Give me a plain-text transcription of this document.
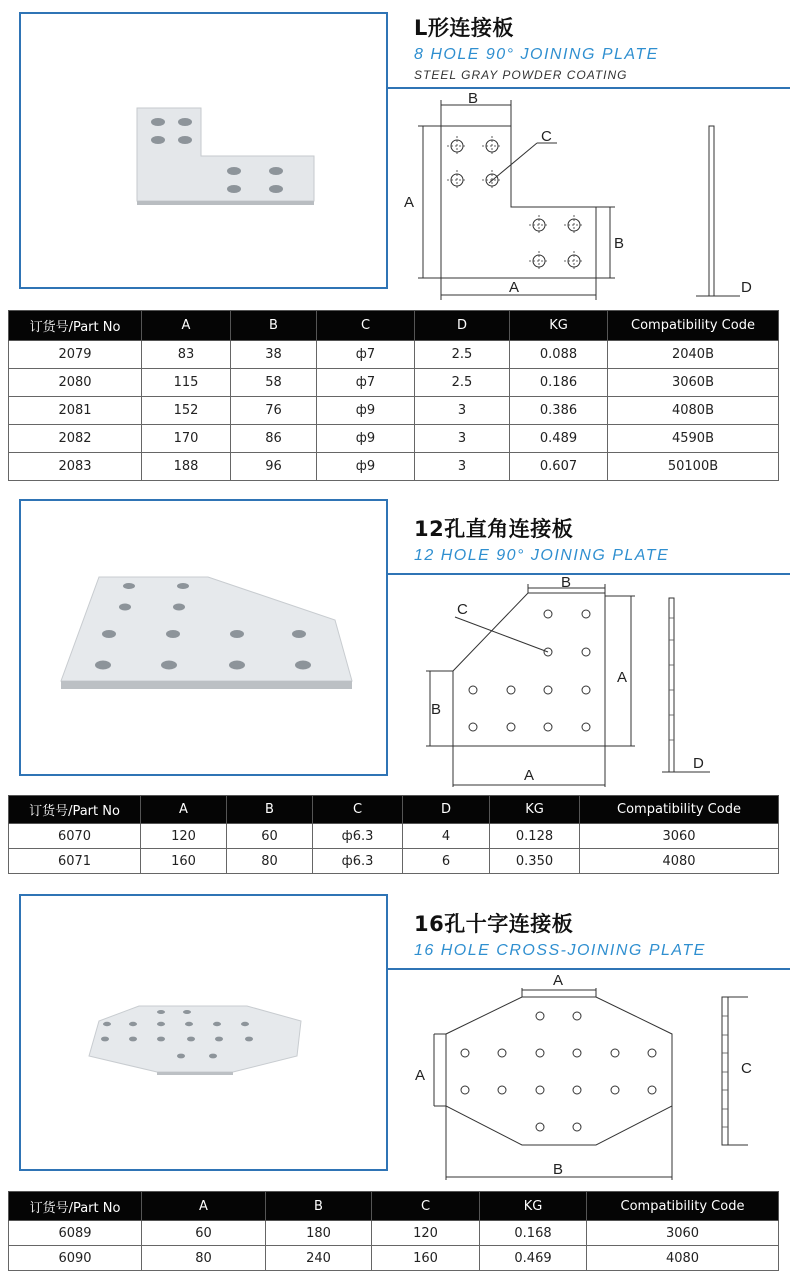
L形连接板
8 HOLE 90° JOINING PLATE
STEEL GRAY POWDER COATING
B
A
C
B
A	D
订货号/Part No	A	B	C	D	KG	Compatibility Code
2079	83	38	ф7	2.5	0.088	2040B
2080	115	58	ф7	2.5	0.186	3060B
2081	152	76	ф9	3	0.386	4080B
2082	170	86	ф9	3	0.489	4590B
2083	188	96	ф9	3	0.607	50100B
12孔直角连接板
12 HOLE 90° JOINING PLATE
B
A
C
B
A
D
订货号/Part No	A	B	C	D	KG	Compatibility Code
6070	120	60	ф6.3	4	0.128	3060
6071	160	80	ф6.3	6	0.350	4080
16孔十字连接板
16 HOLE CROSS-JOINING PLATE
A
A	C
B
订货号/Part No	A	B	C	KG	Compatibility Code
6089	60	180	120	0.168	3060
6090	80	240	160	0.469	4080
